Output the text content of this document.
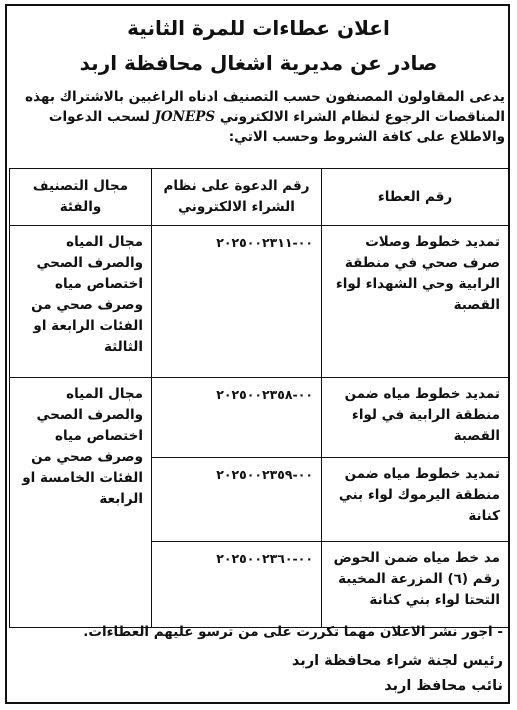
اعلان عطاءات للمرة الثانية
صادر عن مديرية اشغال محافظة اربد
يدعى المقاولون المصنفون حسب التصنيف ادناه الراغبين بالاشتراك بهذه
المناقصات الرجوع لنظام الشراء الالكتروني JONEPS لسحب الدعوات
والاطلاع على كافة الشروط وحسب الاتي:
رقم العطاء	رقم الدعوة على نظام الشراء الالكتروني	مجال التصنيف والفئة
تمديد خطوط وصلات صرف صحي في منطقة الرابية وحي الشهداء لواء القصبة	٠٠-٢٠٢٥٠٠٢٣١١	مجال المياه والصرف الصحي اختصاص مياه وصرف صحي من الفئات الرابعة او الثالثة
تمديد خطوط مياه ضمن منطقة الرابية في لواء القصبة	٠٠-٢٠٢٥٠٠٢٣٥٨	مجال المياه والصرف الصحي اختصاص مياه وصرف صحي من الفئات الخامسة او الرابعة
تمديد خطوط مياه ضمن منطقة اليرموك لواء بني كنانة	٠٠-٢٠٢٥٠٠٢٣٥٩	
مد خط مياه ضمن الحوض رقم (٦) المزرعة المخيبة التحتا لواء بني كنانة	٠٠-٢٠٢٥٠٠٢٣٦٠	
- اجور نشر الاعلان مهما تكررت على من ترسو عليهم العطاءات.
رئيس لجنة شراء محافظة اربد
نائب محافظ اربد
